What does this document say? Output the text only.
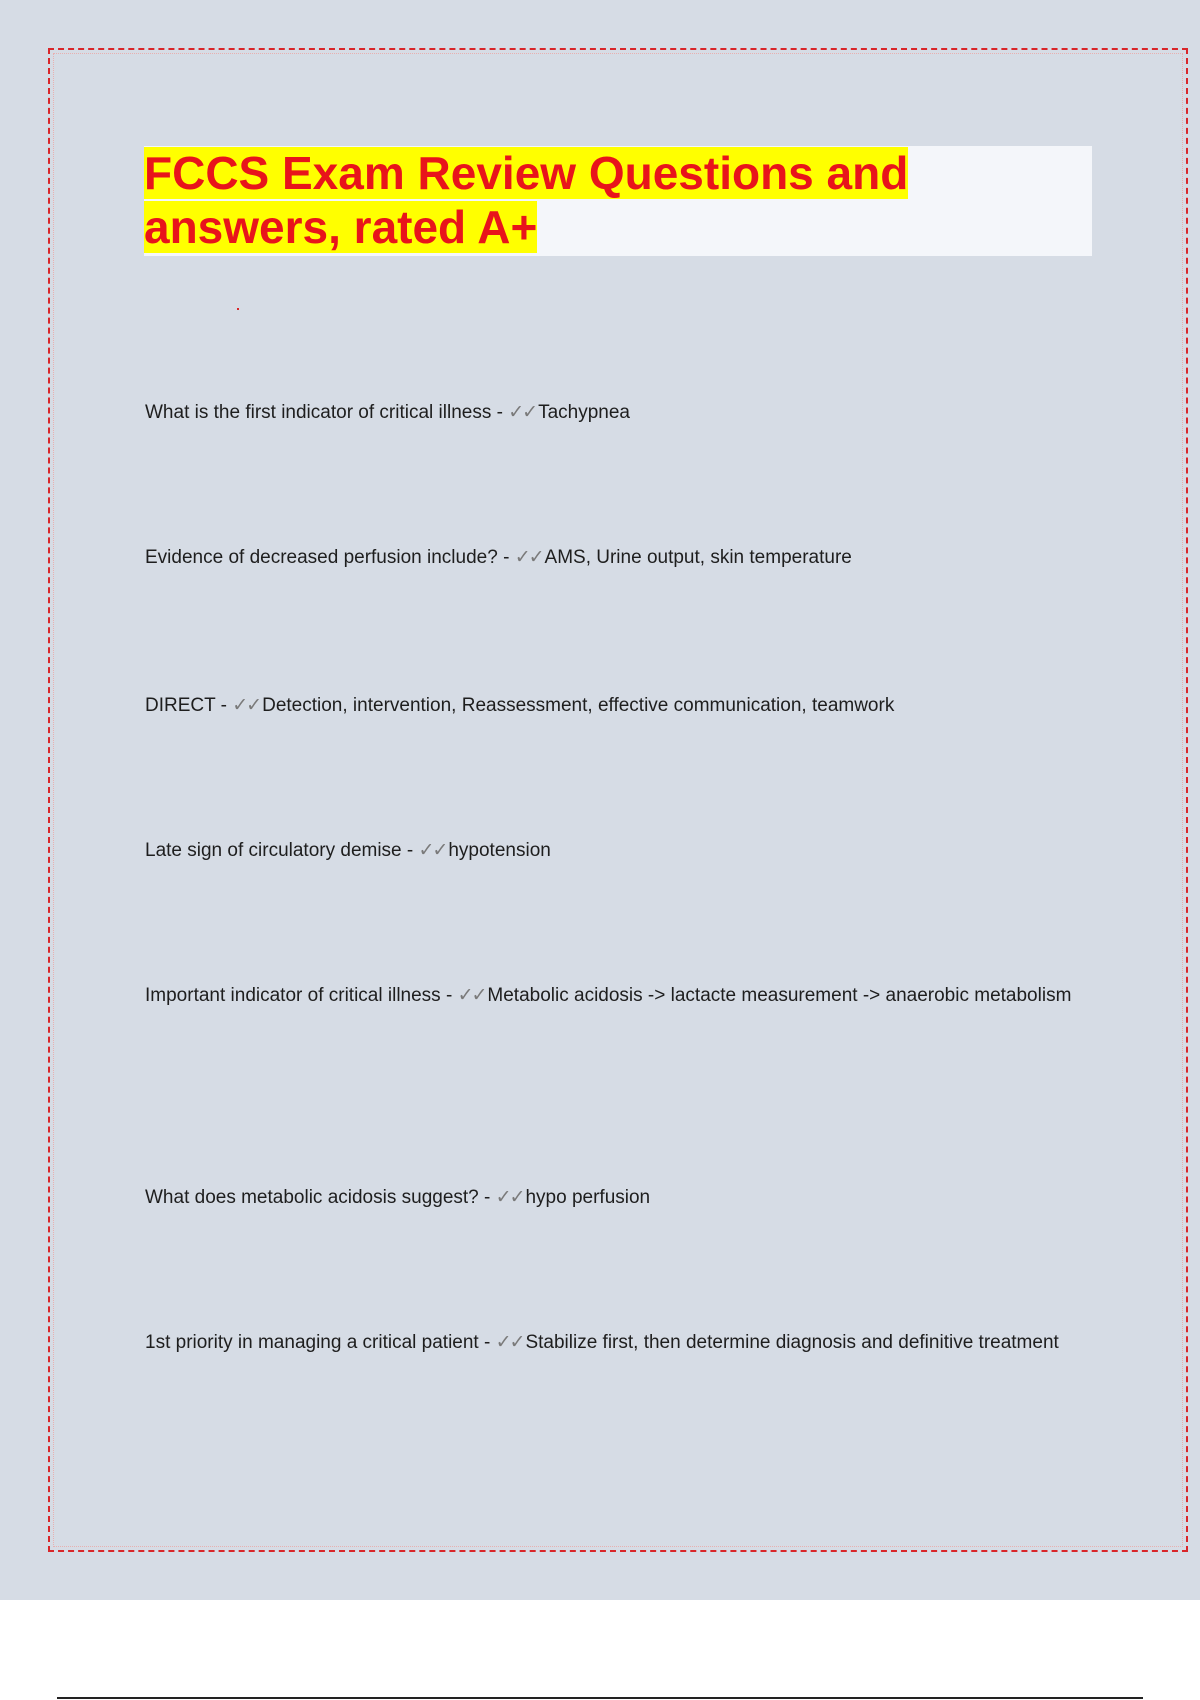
FCCS Exam Review Questions and answers, rated A+

What is the first indicator of critical illness - ✓✓ Tachypnea

Evidence of decreased perfusion include? - ✓✓ AMS, Urine output, skin temperature

DIRECT - ✓✓ Detection, intervention, Reassessment, effective communication, teamwork

Late sign of circulatory demise - ✓✓ hypotension

Important indicator of critical illness - ✓✓ Metabolic acidosis -> lactacte measurement -> anaerobic metabolism

What does metabolic acidosis suggest? - ✓✓ hypo perfusion

1st priority in managing a critical patient - ✓✓ Stabilize first, then determine diagnosis and definitive treatment
